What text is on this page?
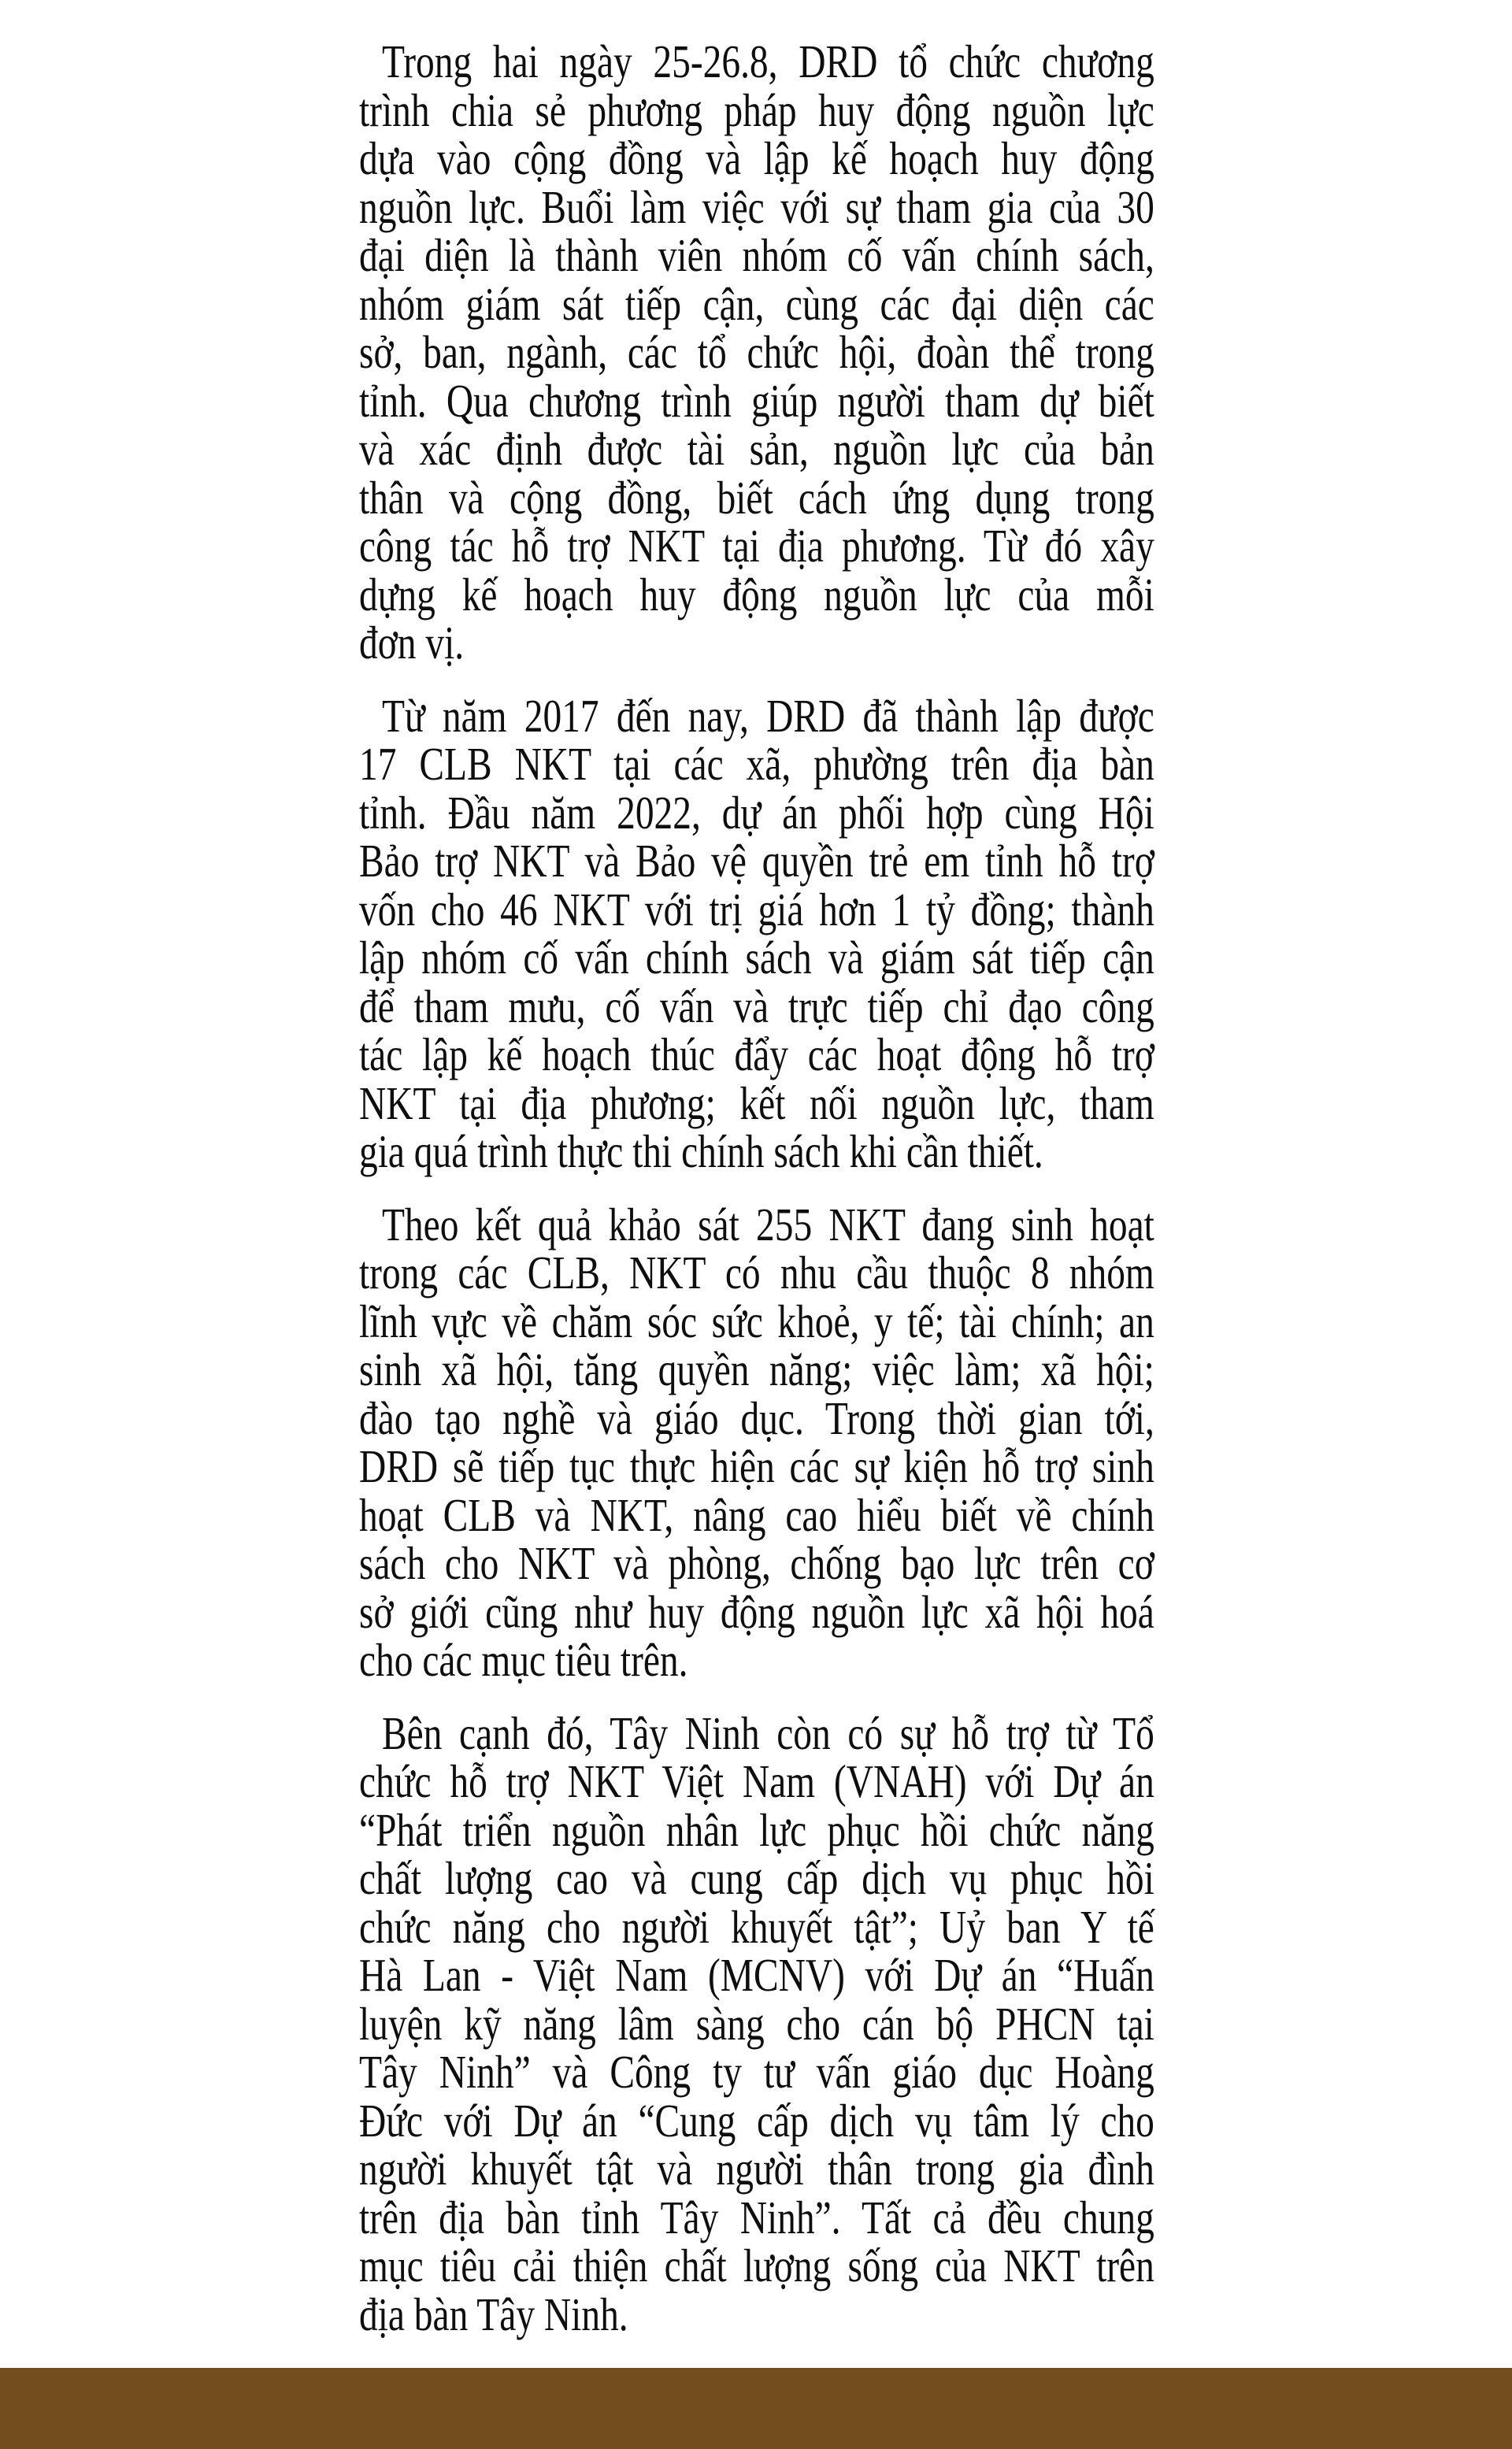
Trong hai ngày 25-26.8, DRD tổ chức chương
trình chia sẻ phương pháp huy động nguồn lực
dựa vào cộng đồng và lập kế hoạch huy động
nguồn lực. Buổi làm việc với sự tham gia của 30
đại diện là thành viên nhóm cố vấn chính sách,
nhóm giám sát tiếp cận, cùng các đại diện các
sở, ban, ngành, các tổ chức hội, đoàn thể trong
tỉnh. Qua chương trình giúp người tham dự biết
và xác định được tài sản, nguồn lực của bản
thân và cộng đồng, biết cách ứng dụng trong
công tác hỗ trợ NKT tại địa phương. Từ đó xây
dựng kế hoạch huy động nguồn lực của mỗi
đơn vị.
Từ năm 2017 đến nay, DRD đã thành lập được
17 CLB NKT tại các xã, phường trên địa bàn
tỉnh. Đầu năm 2022, dự án phối hợp cùng Hội
Bảo trợ NKT và Bảo vệ quyền trẻ em tỉnh hỗ trợ
vốn cho 46 NKT với trị giá hơn 1 tỷ đồng; thành
lập nhóm cố vấn chính sách và giám sát tiếp cận
để tham mưu, cố vấn và trực tiếp chỉ đạo công
tác lập kế hoạch thúc đẩy các hoạt động hỗ trợ
NKT tại địa phương; kết nối nguồn lực, tham
gia quá trình thực thi chính sách khi cần thiết.
Theo kết quả khảo sát 255 NKT đang sinh hoạt
trong các CLB, NKT có nhu cầu thuộc 8 nhóm
lĩnh vực về chăm sóc sức khoẻ, y tế; tài chính; an
sinh xã hội, tăng quyền năng; việc làm; xã hội;
đào tạo nghề và giáo dục. Trong thời gian tới,
DRD sẽ tiếp tục thực hiện các sự kiện hỗ trợ sinh
hoạt CLB và NKT, nâng cao hiểu biết về chính
sách cho NKT và phòng, chống bạo lực trên cơ
sở giới cũng như huy động nguồn lực xã hội hoá
cho các mục tiêu trên.
Bên cạnh đó, Tây Ninh còn có sự hỗ trợ từ Tổ
chức hỗ trợ NKT Việt Nam (VNAH) với Dự án
“Phát triển nguồn nhân lực phục hồi chức năng
chất lượng cao và cung cấp dịch vụ phục hồi
chức năng cho người khuyết tật”; Uỷ ban Y tế
Hà Lan - Việt Nam (MCNV) với Dự án “Huấn
luyện kỹ năng lâm sàng cho cán bộ PHCN tại
Tây Ninh” và Công ty tư vấn giáo dục Hoàng
Đức với Dự án “Cung cấp dịch vụ tâm lý cho
người khuyết tật và người thân trong gia đình
trên địa bàn tỉnh Tây Ninh”. Tất cả đều chung
mục tiêu cải thiện chất lượng sống của NKT trên
địa bàn Tây Ninh.
